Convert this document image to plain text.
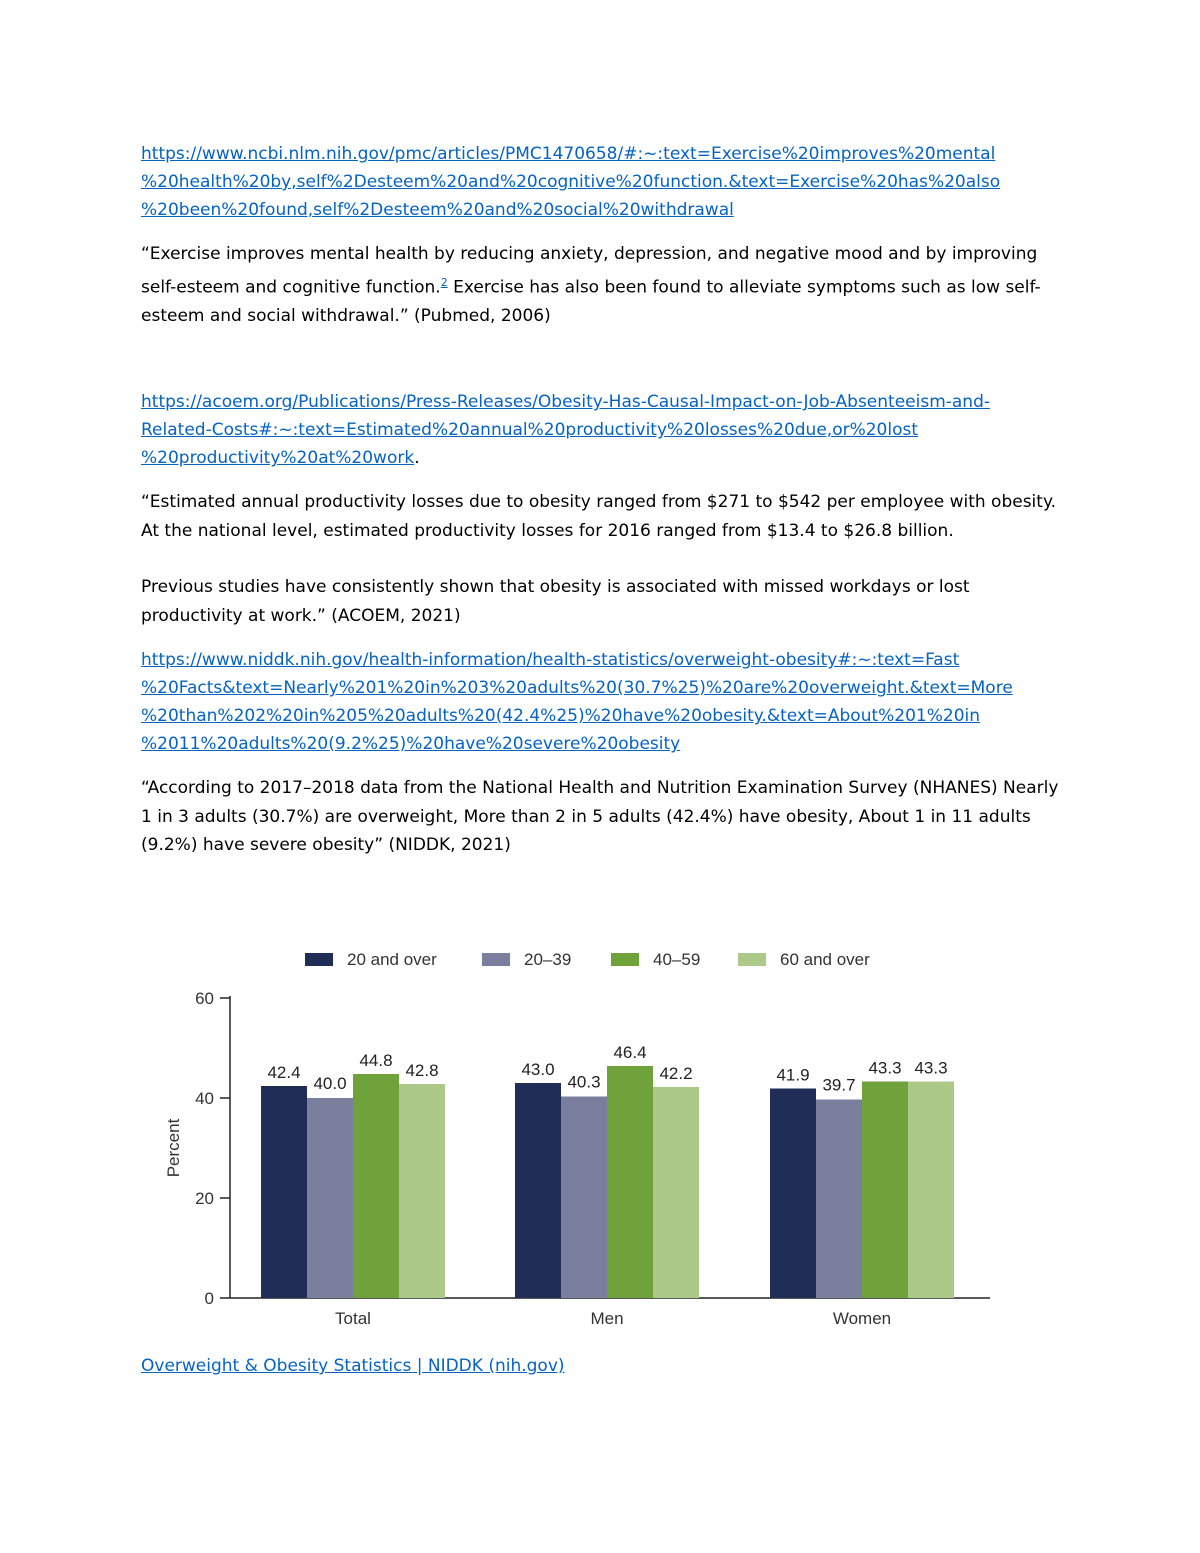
https://www.ncbi.nlm.nih.gov/pmc/articles/PMC1470658/#:~:text=Exercise%20improves%20mental
%20health%20by,self%2Desteem%20and%20cognitive%20function.&text=Exercise%20has%20also
%20been%20found,self%2Desteem%20and%20social%20withdrawal

“Exercise improves mental health by reducing anxiety, depression, and negative mood and by improving self-esteem and cognitive function.$^2$ Exercise has also been found to alleviate symptoms such as low self-esteem and social withdrawal.” (Pubmed, 2006)

https://acoem.org/Publications/Press-Releases/Obesity-Has-Causal-Impact-on-Job-Absenteeism-and-
Related-Costs#:~:text=Estimated%20annual%20productivity%20losses%20due,or%20lost
%20productivity%20at%20work.

“Estimated annual productivity losses due to obesity ranged from $271 to $542 per employee with obesity. At the national level, estimated productivity losses for 2016 ranged from $13.4 to $26.8 billion.

Previous studies have consistently shown that obesity is associated with missed workdays or lost productivity at work.” (ACOEM, 2021)

https://www.niddk.nih.gov/health-information/health-statistics/overweight-obesity#:~:text=Fast
%20Facts&text=Nearly%201%20in%203%20adults%20(30.7%25)%20are%20overweight.&text=More
%20than%202%20in%205%20adults%20(42.4%25)%20have%20obesity.&text=About%201%20in
%2011%20adults%20(9.2%25)%20have%20severe%20obesity

“According to 2017–2018 data from the National Health and Nutrition Examination Survey (NHANES) Nearly 1 in 3 adults (30.7%) are overweight, More than 2 in 5 adults (42.4%) have obesity, About 1 in 11 adults (9.2%) have severe obesity” (NIDDK, 2021)

20 and over	20–39	40–59	60 and over
0
20
40
60
Percent
Total	Men	Women
42.4
40.0
44.8
42.8	43.0
40.3
46.4
42.2	41.9
39.7
43.3 43.3
Overweight & Obesity Statistics | NIDDK (nih.gov)
